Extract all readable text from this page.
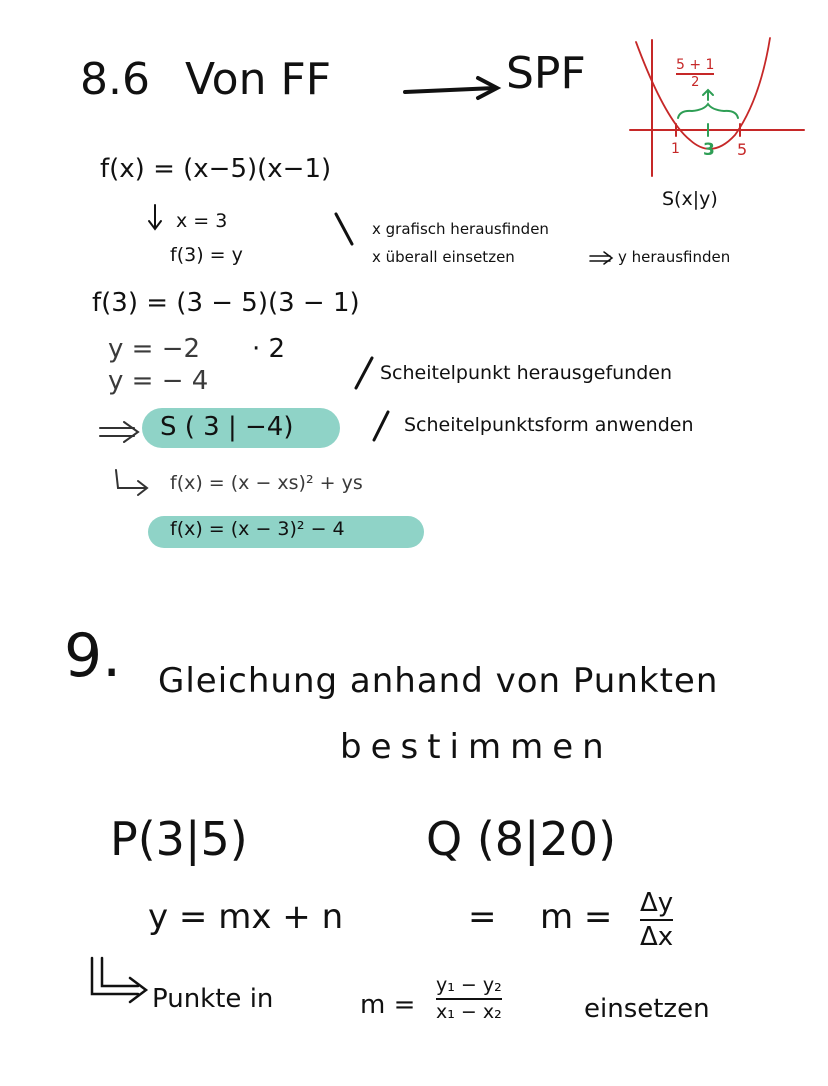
8.6 Von FF	SPF	5 + 1
2
1 3 5
S(x|y)
f(x) = (x−5)(x−1)
x = 3
f(3) = y
x grafisch herausfinden
x überall einsetzen	y herausfinden
f(3) = (3 − 5)(3 − 1)
y = −2 · 2
y = − 4	Scheitelpunkt herausgefunden
S ( 3 | −4)	Scheitelpunktsform anwenden
f(x) = (x − xs)² + ys
f(x) = (x − 3)² − 4
9. Gleichung anhand von Punkten
bestimmen
P(3|5)	Q (8|20)
y = mx + n	= m = Δy
Δx
Punkte in	m =
y₁ − y₂
x₁ − x₂	einsetzen
